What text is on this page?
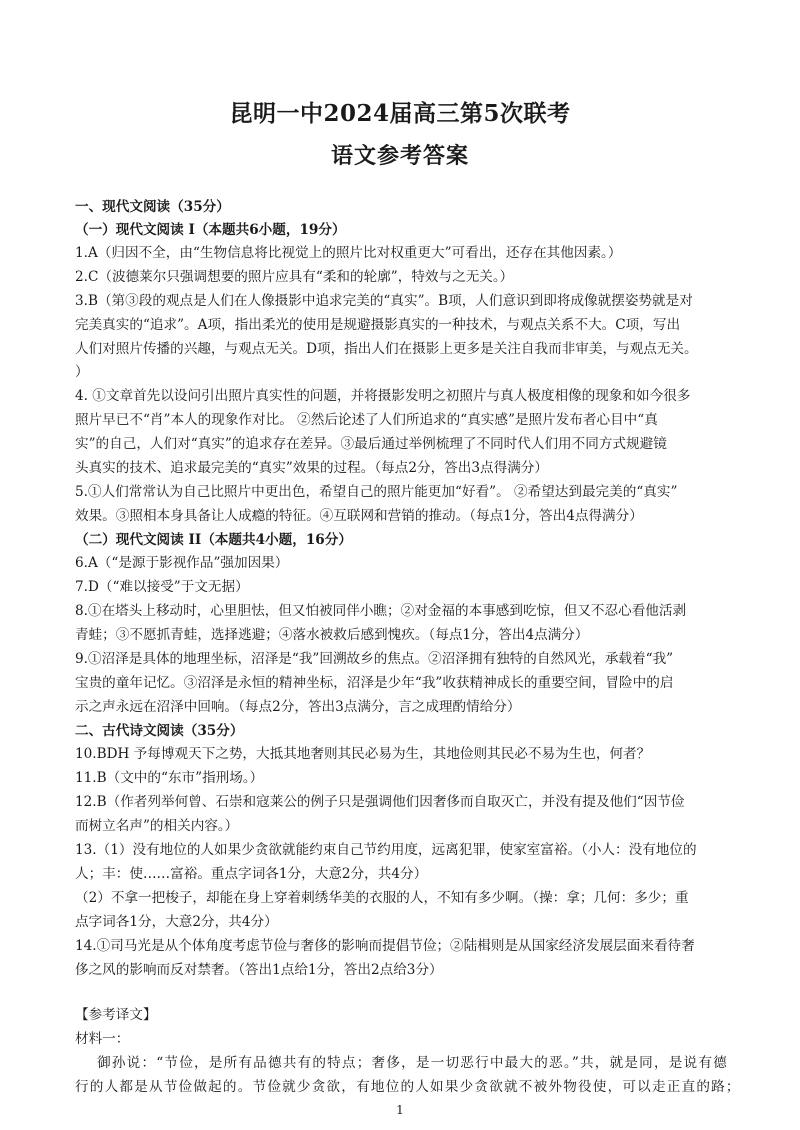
昆明一中2024届高三第5次联考
语文参考答案
一、现代文阅读（35分）
（一）现代文阅读 I（本题共6小题，19分）
1.A（归因不全，由“生物信息将比视觉上的照片比对权重更大”可看出，还存在其他因素。）
2.C（波德莱尔只强调想要的照片应具有“柔和的轮廓”，特效与之无关。）
3.B（第③段的观点是人们在人像摄影中追求完美的“真实”。B项，人们意识到即将成像就摆姿势就是对
完美真实的“追求”。A项，指出柔光的使用是规避摄影真实的一种技术，与观点关系不大。C项，写出
人们对照片传播的兴趣，与观点无关。D项，指出人们在摄影上更多是关注自我而非审美，与观点无关。
）
4. ①文章首先以设问引出照片真实性的问题，并将摄影发明之初照片与真人极度相像的现象和如今很多
照片早已不“肖”本人的现象作对比。 ②然后论述了人们所追求的“真实感”是照片发布者心目中“真
实”的自己，人们对“真实”的追求存在差异。③最后通过举例梳理了不同时代人们用不同方式规避镜
头真实的技术、追求最完美的“真实”效果的过程。（每点2分，答出3点得满分）
5.①人们常常认为自己比照片中更出色，希望自己的照片能更加“好看”。 ②希望达到最完美的“真实”
效果。③照相本身具备让人成瘾的特征。④互联网和营销的推动。（每点1分，答出4点得满分）
（二）现代文阅读 II（本题共4小题，16分）
6.A（“是源于影视作品”强加因果）
7.D（“难以接受”于文无据）
8.①在塔头上移动时，心里胆怯，但又怕被同伴小瞧；②对金福的本事感到吃惊，但又不忍心看他活剥
青蛙；③不愿抓青蛙，选择逃避；④落水被救后感到愧疚。（每点1分，答出4点满分）
9.①沼泽是具体的地理坐标，沼泽是“我”回溯故乡的焦点。②沼泽拥有独特的自然风光，承载着“我”
宝贵的童年记忆。③沼泽是永恒的精神坐标，沼泽是少年“我”收获精神成长的重要空间，冒险中的启
示之声永远在沼泽中回响。（每点2分，答出3点满分，言之成理酌情给分）
二、古代诗文阅读（35分）
10.BDH 予每博观天下之势，大抵其地奢则其民必易为生，其地俭则其民必不易为生也，何者？
11.B（文中的“东市”指刑场。）
12.B（作者列举何曾、石崇和寇莱公的例子只是强调他们因奢侈而自取灭亡，并没有提及他们“因节俭
而树立名声”的相关内容。）
13.（1）没有地位的人如果少贪欲就能约束自己节约用度，远离犯罪，使家室富裕。（小人：没有地位的
人；丰：使……富裕。重点字词各1分，大意2分，共4分）
（2）不拿一把梭子，却能在身上穿着刺绣华美的衣服的人，不知有多少啊。（操：拿；几何：多少；重
点字词各1分，大意2分，共4分）
14.①司马光是从个体角度考虑节俭与奢侈的影响而提倡节俭；②陆楫则是从国家经济发展层面来看待奢
侈之风的影响而反对禁奢。（答出1点给1分，答出2点给3分）
【参考译文】
材料一：
御孙说：“节俭，是所有品德共有的特点；奢侈，是一切恶行中最大的恶。”共，就是同，是说有德
行的人都是从节俭做起的。节俭就少贪欲，有地位的人如果少贪欲就不被外物役使，可以走正直的路；
1
